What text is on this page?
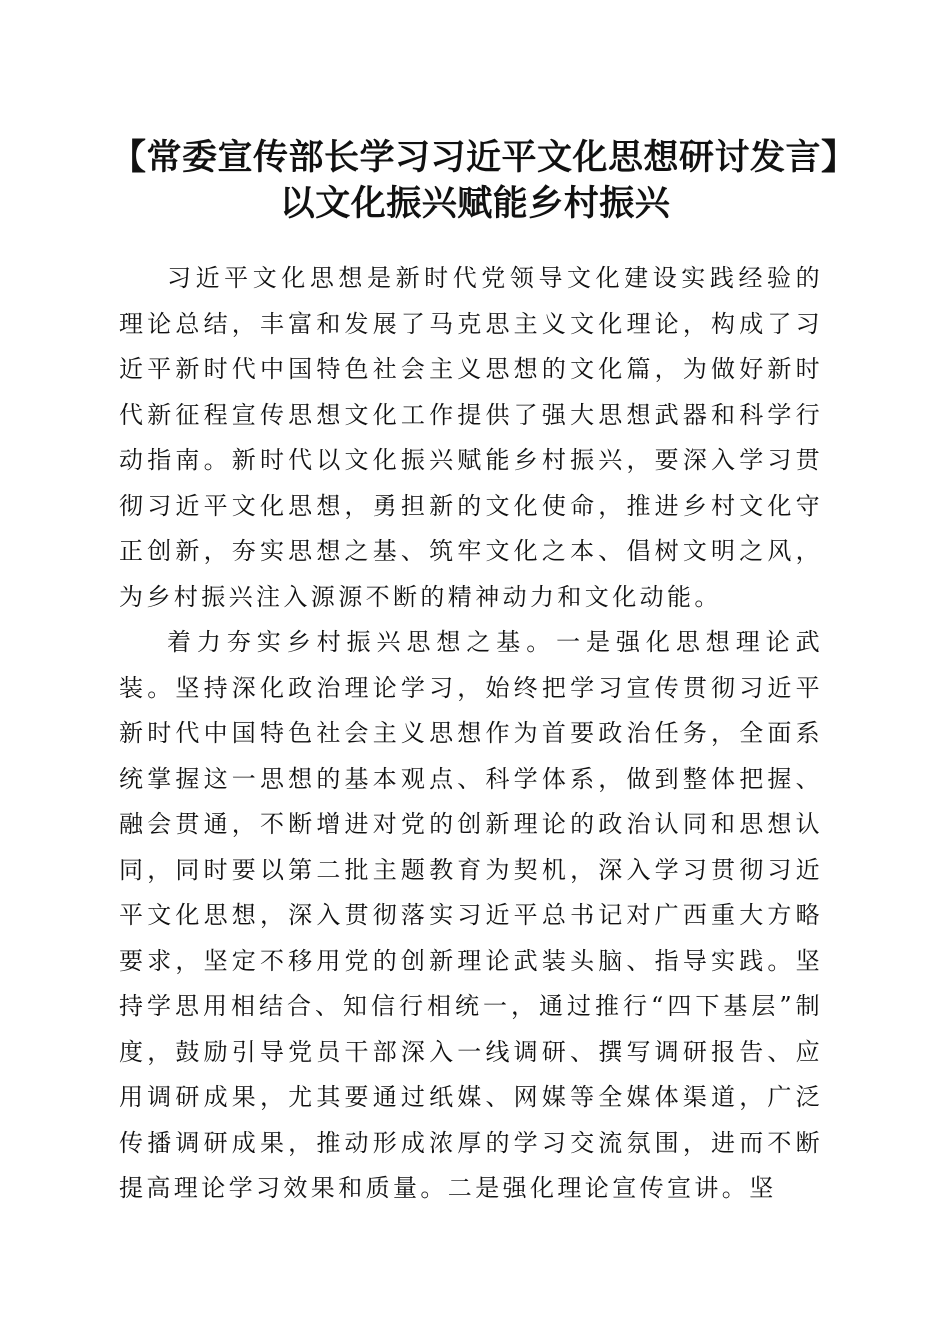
【常委宣传部长学习习近平文化思想研讨发言】以文化振兴赋能乡村振兴

习近平文化思想是新时代党领导文化建设实践经验的理论总结，丰富和发展了马克思主义文化理论，构成了习近平新时代中国特色社会主义思想的文化篇，为做好新时代新征程宣传思想文化工作提供了强大思想武器和科学行动指南。新时代以文化振兴赋能乡村振兴，要深入学习贯彻习近平文化思想，勇担新的文化使命，推进乡村文化守正创新，夯实思想之基、筑牢文化之本、倡树文明之风，为乡村振兴注入源源不断的精神动力和文化动能。

着力夯实乡村振兴思想之基。一是强化思想理论武装。坚持深化政治理论学习，始终把学习宣传贯彻习近平新时代中国特色社会主义思想作为首要政治任务，全面系统掌握这一思想的基本观点、科学体系，做到整体把握、融会贯通，不断增进对党的创新理论的政治认同和思想认同，同时要以第二批主题教育为契机，深入学习贯彻习近平文化思想，深入贯彻落实习近平总书记对广西重大方略要求，坚定不移用党的创新理论武装头脑、指导实践。坚持学思用相结合、知信行相统一，通过推行“四下基层”制度，鼓励引导党员干部深入一线调研、撰写调研报告、应用调研成果，尤其要通过纸媒、网媒等全媒体渠道，广泛传播调研成果，推动形成浓厚的学习交流氛围，进而不断提高理论学习效果和质量。二是强化理论宣传宣讲。坚
